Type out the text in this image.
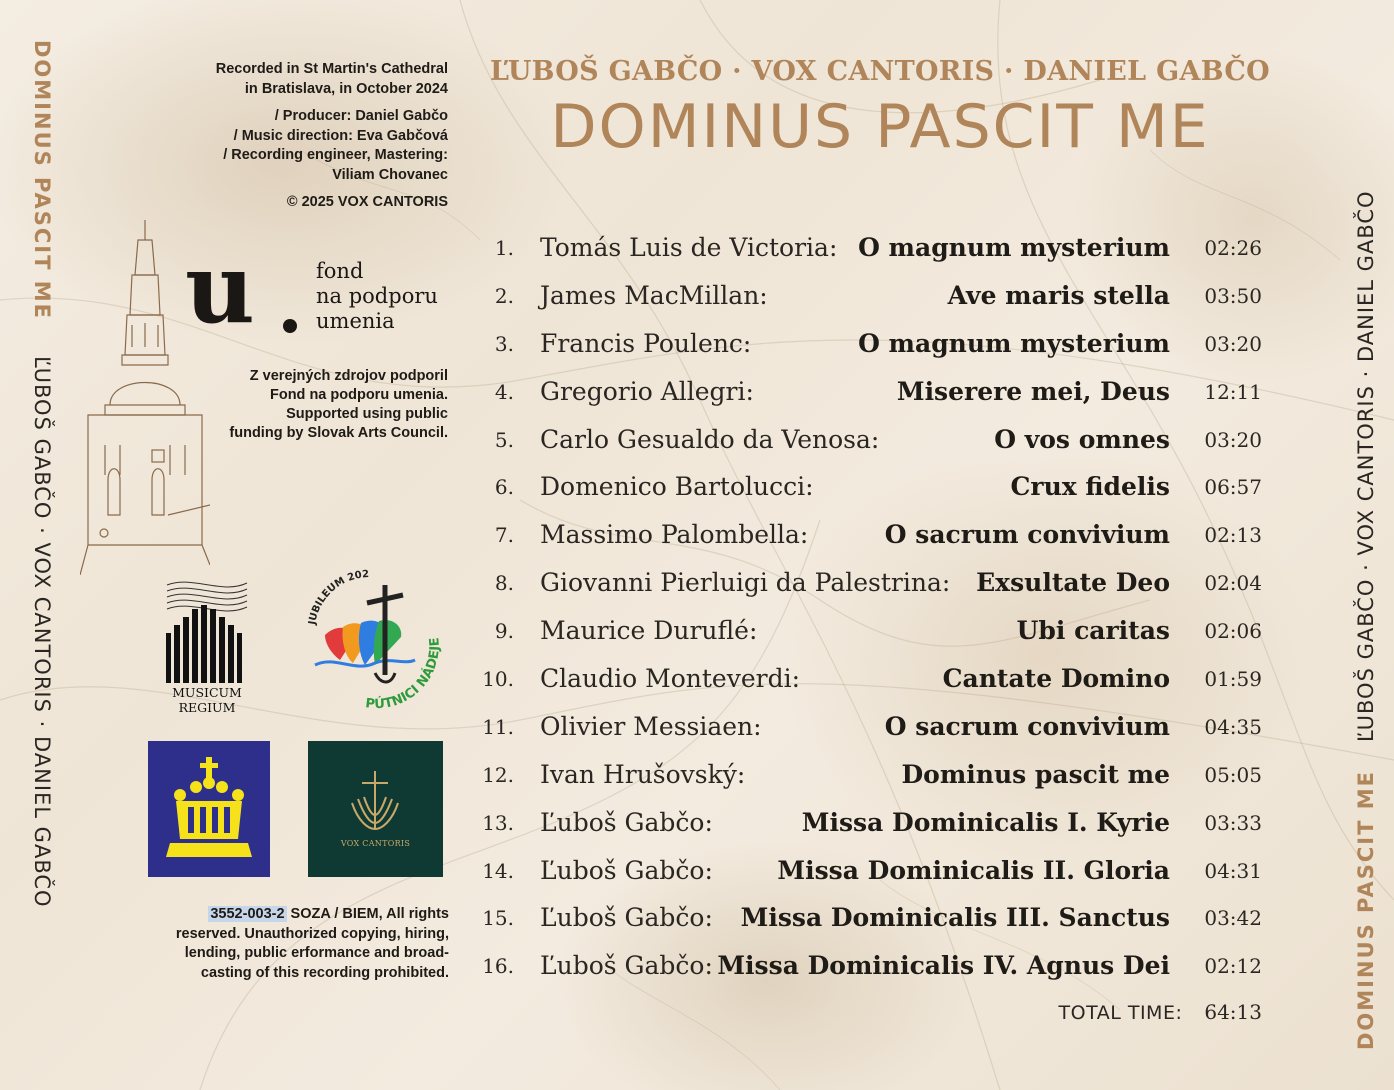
DOMINUS PASCIT ME ĽUBOŠ GABČO · VOX CANTORIS · DANIEL GABČO
DOMINUS PASCIT ME ĽUBOŠ GABČO · VOX CANTORIS · DANIEL GABČO
Recorded in St Martin's Cathedral
in Bratislava, in October 2024
/ Producer: Daniel Gabčo
/ Music direction: Eva Gabčová
/ Recording engineer, Mastering:
Viliam Chovanec
© 2025 VOX CANTORIS
u	fond
na podporu
umenia
Z verejných zdrojov podporil
Fond na podporu umenia.
Supported using public
funding by Slovak Arts Council.
MUSICUM
REGIUM
JUBILEUM 202
PÚTNICI NÁDEJE
VOX CANTORIS
3552-003-2 SOZA / BIEM, All rights
reserved. Unauthorized copying, hiring,
lending, public erformance and broad-
casting of this recording prohibited.
ĽUBOŠ GABČO · VOX CANTORIS · DANIEL GABČO
DOMINUS PASCIT ME
1. Tomás Luis de Victoria: O magnum mysterium 02:26
2. James MacMillan:	Ave maris stella 03:50
3. Francis Poulenc:	O magnum mysterium 03:20
4. Gregorio Allegri:	Miserere mei, Deus 12:11
5. Carlo Gesualdo da Venosa:	O vos omnes 03:20
6. Domenico Bartolucci:	Crux fidelis 06:57
7. Massimo Palombella:	O sacrum convivium 02:13
8. Giovanni Pierluigi da Palestrina: Exsultate Deo 02:04
9. Maurice Duruflé:	Ubi caritas 02:06
10. Claudio Monteverdi:	Cantate Domino 01:59
11. Olivier Messiaen:	O sacrum convivium 04:35
12. Ivan Hrušovský:	Dominus pascit me 05:05
13. Ľuboš Gabčo:	Missa Dominicalis I. Kyrie 03:33
14. Ľuboš Gabčo:	Missa Dominicalis II. Gloria 04:31
15. Ľuboš Gabčo: Missa Dominicalis III. Sanctus 03:42
16. Ľuboš Gabčo: Missa Dominicalis IV. Agnus Dei 02:12
TOTAL TIME: 64:13
